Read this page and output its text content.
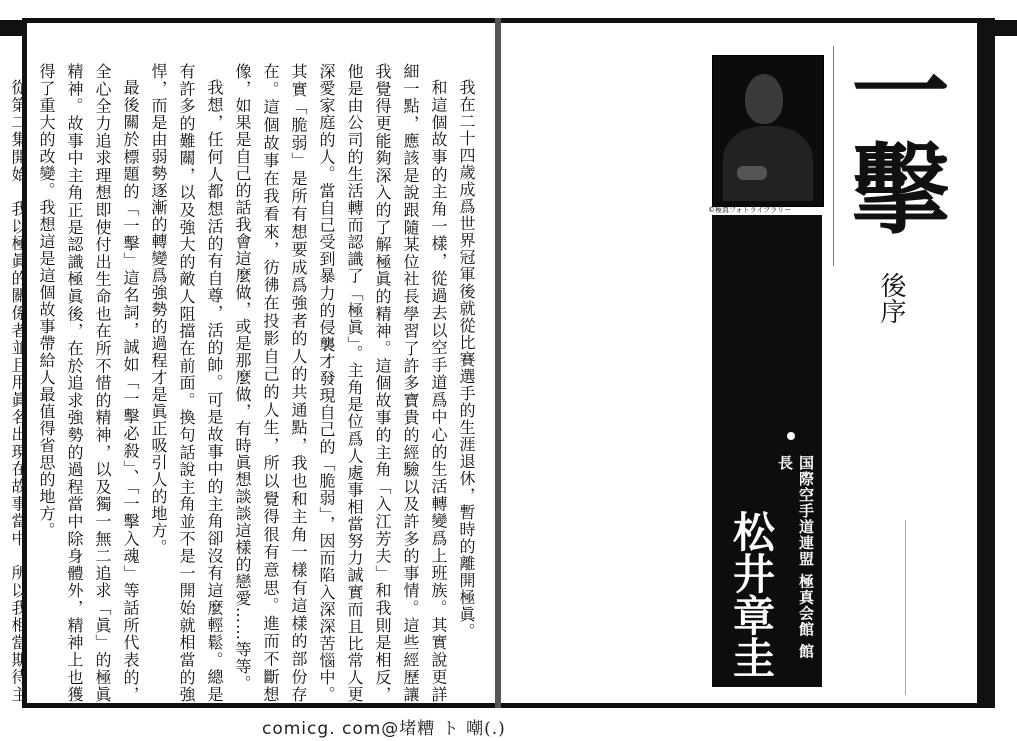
我在二十四歲成爲世界冠軍後就從比賽選手的生涯退休，暫時的離開極眞。

和這個故事的主角一樣，從過去以空手道爲中心的生活轉變爲上班族。其實說更詳細一點，應該是說跟隨某位社長學習了許多寶貴的經驗以及許多的事情。這些經歷讓我覺得更能夠深入的了解極眞的精神。這個故事的主角「入江芳夫」和我則是相反，他是由公司的生活轉而認識了「極眞」。主角是位爲人處事相當努力誠實而且比常人更深愛家庭的人。當自己受到暴力的侵襲才發現自己的「脆弱」，因而陷入深深苦惱中。其實「脆弱」是所有想要成爲強者的人的共通點，我也和主角一樣有這樣的部份存在。這個故事在我看來，彷彿在投影自己的人生，所以覺得很有意思。進而不斷想像，如果是自己的話我會這麼做，或是那麼做，有時眞想談談這樣的戀愛……等等。

我想，任何人都想活的有自尊，活的帥。可是故事中的主角卻沒有這麼輕鬆。總是有許多的難關，以及強大的敵人阻擋在前面。換句話說主角並不是一開始就相當的強悍，而是由弱勢逐漸的轉變爲強勢的過程才是眞正吸引人的地方。

最後關於標題的「一擊」這名詞，誠如「一擊必殺」、「一擊入魂」等話所代表的，全心全力追求理想即使付出生命也在所不惜的精神，以及獨一無二追求「眞」的極眞精神。故事中主角正是認識極眞後，在於追求強勢的過程當中除身體外，精神上也獲得了重大的改變。我想這是這個故事帶給人最值得省思的地方。

從第二集開始，我以極眞的關係者並且用眞名出現在故事當中，所以我相當期待主

©極真フォトライブラリー
国際空手道連盟 極真会館 館長
松井章圭
一擊
後序
comicg. com@堵糟 ト 嘲(.)
